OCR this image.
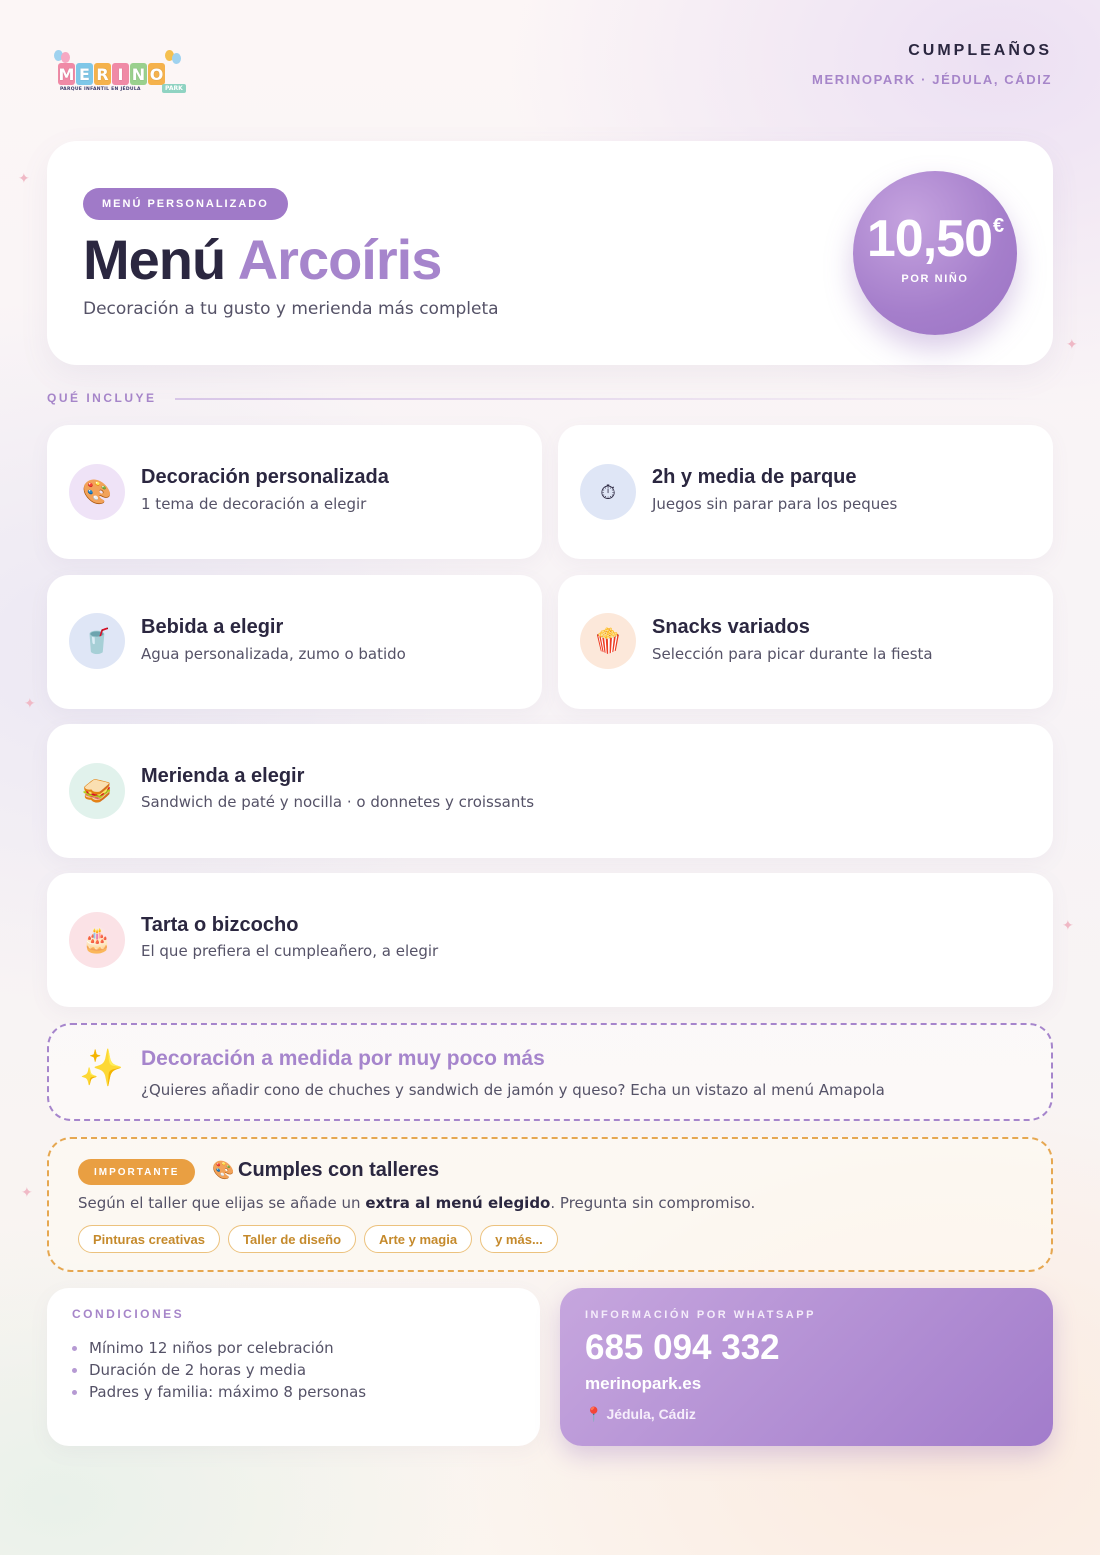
✦
✦
✦
✦
✦
M E R I N O
PARQUE INFANTIL EN JÉDULA	PARK
CUMPLEAÑOS
MERINOPARK · JÉDULA, CÁDIZ
MENÚ PERSONALIZADO
Menú Arcoíris
Decoración a tu gusto y merienda más completa
10,50€
POR NIÑO
QUÉ INCLUYE
🎨
Decoración personalizada
1 tema de decoración a elegir	⏱
2h y media de parque
Juegos sin parar para los peques
🥤	Bebida a elegir
Agua personalizada, zumo o batido	🍿	Snacks variados
Selección para picar durante la fiesta
🥪
Merienda a elegir
Sandwich de paté y nocilla · o donnetes y croissants
🎂
Tarta o bizcocho
El que prefiera el cumpleañero, a elegir
✨ Decoración a medida por muy poco más
¿Quieres añadir cono de chuches y sandwich de jamón y queso? Echa un vistazo al menú Amapola
IMPORTANTE	🎨 Cumples con talleres
Según el taller que elijas se añade un extra al menú elegido. Pregunta sin compromiso.
Pinturas creativas	Taller de diseño	Arte y magia	y más...
CONDICIONES
Mínimo 12 niños por celebración
Duración de 2 horas y media
Padres y familia: máximo 8 personas
INFORMACIÓN POR WHATSAPP
685 094 332
merinopark.es
📍 Jédula, Cádiz
